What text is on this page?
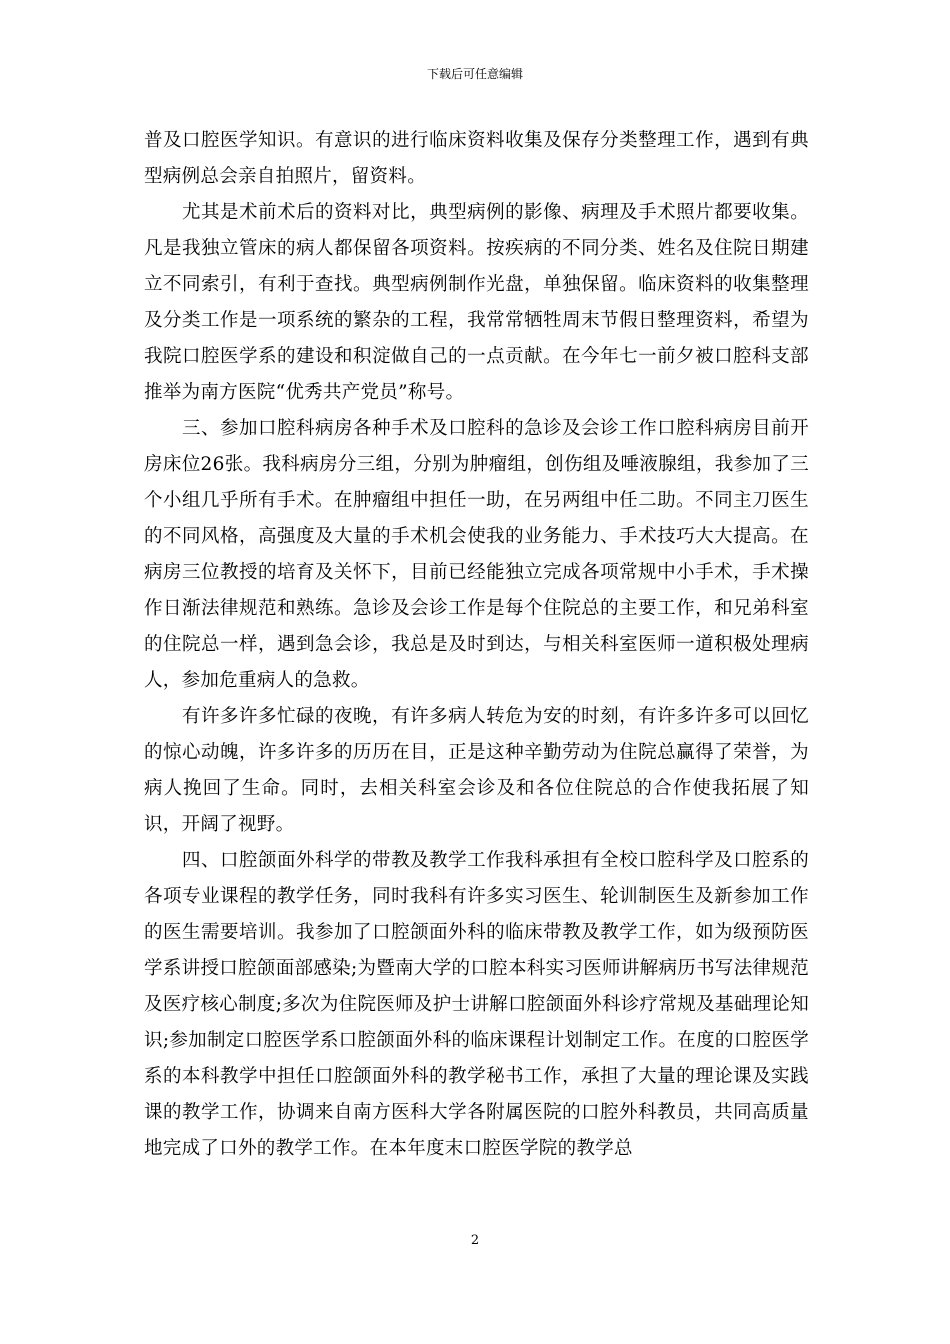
下载后可任意编辑

普及口腔医学知识。有意识的进行临床资料收集及保存分类整理工作，遇到有典型病例总会亲自拍照片，留资料。

尤其是术前术后的资料对比，典型病例的影像、病理及手术照片都要收集。凡是我独立管床的病人都保留各项资料。按疾病的不同分类、姓名及住院日期建立不同索引，有利于查找。典型病例制作光盘，单独保留。临床资料的收集整理及分类工作是一项系统的繁杂的工程，我常常牺牲周末节假日整理资料，希望为我院口腔医学系的建设和积淀做自己的一点贡献。在今年七一前夕被口腔科支部推举为南方医院“优秀共产党员”称号。

三、参加口腔科病房各种手术及口腔科的急诊及会诊工作口腔科病房目前开房床位26张。我科病房分三组，分别为肿瘤组，创伤组及唾液腺组，我参加了三个小组几乎所有手术。在肿瘤组中担任一助，在另两组中任二助。不同主刀医生的不同风格，高强度及大量的手术机会使我的业务能力、手术技巧大大提高。在病房三位教授的培育及关怀下，目前已经能独立完成各项常规中小手术，手术操作日渐法律规范和熟练。急诊及会诊工作是每个住院总的主要工作，和兄弟科室的住院总一样，遇到急会诊，我总是及时到达，与相关科室医师一道积极处理病人，参加危重病人的急救。

有许多许多忙碌的夜晚，有许多病人转危为安的时刻，有许多许多可以回忆的惊心动魄，许多许多的历历在目，正是这种辛勤劳动为住院总赢得了荣誉，为病人挽回了生命。同时，去相关科室会诊及和各位住院总的合作使我拓展了知识，开阔了视野。

四、口腔颌面外科学的带教及教学工作我科承担有全校口腔科学及口腔系的各项专业课程的教学任务，同时我科有许多实习医生、轮训制医生及新参加工作的医生需要培训。我参加了口腔颌面外科的临床带教及教学工作，如为级预防医学系讲授口腔颌面部感染;为暨南大学的口腔本科实习医师讲解病历书写法律规范及医疗核心制度;多次为住院医师及护士讲解口腔颌面外科诊疗常规及基础理论知识;参加制定口腔医学系口腔颌面外科的临床课程计划制定工作。在度的口腔医学系的本科教学中担任口腔颌面外科的教学秘书工作，承担了大量的理论课及实践课的教学工作，协调来自南方医科大学各附属医院的口腔外科教员，共同高质量地完成了口外的教学工作。在本年度末口腔医学院的教学总

2
